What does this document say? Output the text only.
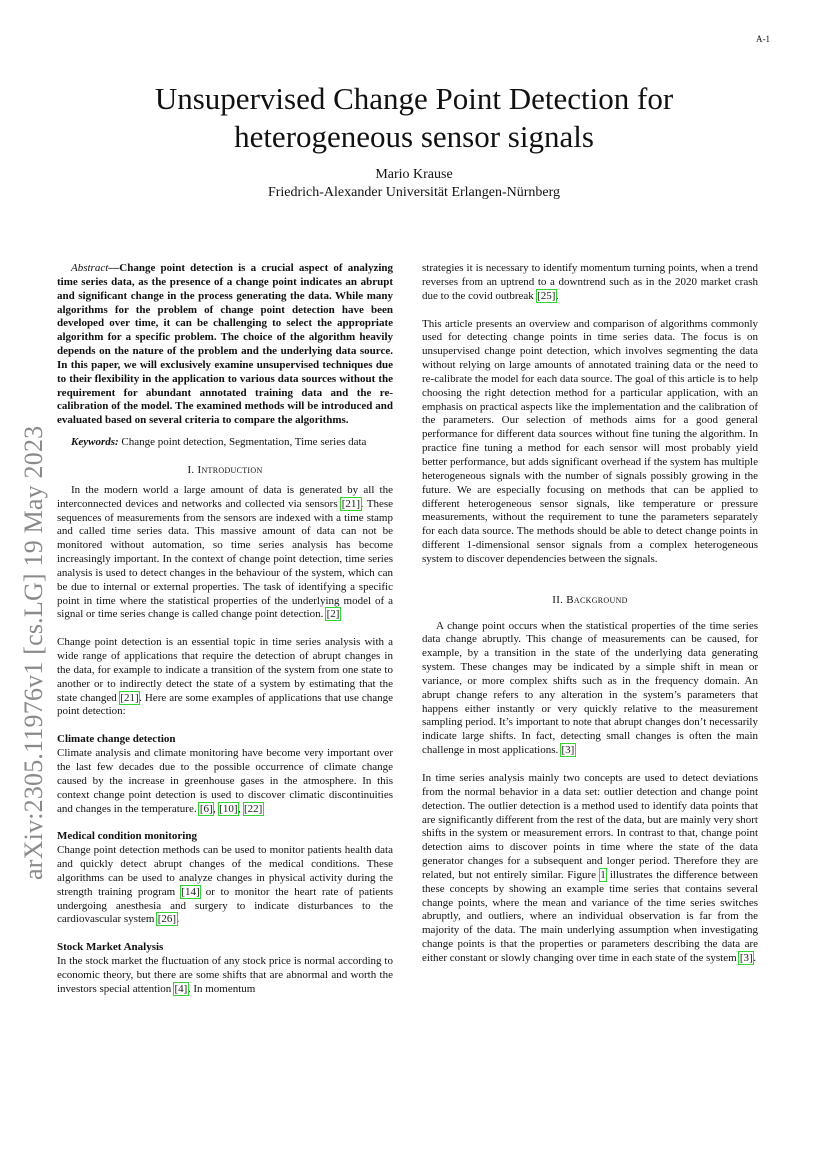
A-1
arXiv:2305.11976v1 [cs.LG] 19 May 2023
Unsupervised Change Point Detection for
heterogeneous sensor signals
Mario Krause
Friedrich-Alexander Universität Erlangen-Nürnberg

Abstract—Change point detection is a crucial aspect of analyzing time series data, as the presence of a change point indicates an abrupt and significant change in the process generating the data. While many algorithms for the problem of change point detection have been developed over time, it can be challenging to select the appropriate algorithm for a specific problem. The choice of the algorithm heavily depends on the nature of the problem and the underlying data source. In this paper, we will exclusively examine unsupervised techniques due to their flexibility in the application to various data sources without the requirement for abundant annotated training data and the re-calibration of the model. The examined methods will be introduced and evaluated based on several criteria to compare the algorithms.

Keywords: Change point detection, Segmentation, Time series data

I. Introduction

In the modern world a large amount of data is generated by all the interconnected devices and networks and collected via sensors [21]. These sequences of measurements from the sensors are indexed with a time stamp and called time series data. This massive amount of data can not be monitored without automation, so time series analysis has become increasingly important. In the context of change point detection, time series analysis is used to detect changes in the behaviour of the system, which can be due to internal or external properties. The task of identifying a specific point in time where the statistical properties of the underlying model of a signal or time series change is called change point detection. [2]

Change point detection is an essential topic in time series analysis with a wide range of applications that require the detection of abrupt changes in the data, for example to indicate a transition of the system from one state to another or to indirectly detect the state of a system by estimating that the state changed [21]. Here are some examples of applications that use change point detection:

Climate change detection

Climate analysis and climate monitoring have become very important over the last few decades due to the possible occurrence of climate change caused by the increase in greenhouse gases in the atmosphere. In this context change point detection is used to discover climatic discontinuities and changes in the temperature. [6], [10], [22]

Medical condition monitoring

Change point detection methods can be used to monitor patients health data and quickly detect abrupt changes of the medical conditions. These algorithms can be used to analyze changes in physical activity during the strength training program [14] or to monitor the heart rate of patients undergoing anesthesia and surgery to indicate disturbances to the cardiovascular system [26].

Stock Market Analysis

In the stock market the fluctuation of any stock price is normal according to economic theory, but there are some shifts that are abnormal and worth the investors special attention [4]. In momentum

strategies it is necessary to identify momentum turning points, when a trend reverses from an uptrend to a downtrend such as in the 2020 market crash due to the covid outbreak [25].

This article presents an overview and comparison of algorithms commonly used for detecting change points in time series data. The focus is on unsupervised change point detection, which involves segmenting the data without relying on large amounts of annotated training data or the need to re-calibrate the model for each data source. The goal of this article is to help choosing the right detection method for a particular application, with an emphasis on practical aspects like the implementation and the calibration of the parameters. Our selection of methods aims for a good general performance for different data sources without fine tuning the algorithm. In practice fine tuning a method for each sensor will most probably yield better performance, but adds significant overhead if the system has multiple heterogeneous signals with the number of signals possibly growing in the future. We are especially focusing on methods that can be applied to different heterogeneous sensor signals, like temperature or pressure measurements, without the requirement to tune the parameters separately for each data source. The methods should be able to detect change points in different 1-dimensional sensor signals from a complex heterogeneous system to discover dependencies between the signals.

II. Background

A change point occurs when the statistical properties of the time series data change abruptly. This change of measurements can be caused, for example, by a transition in the state of the underlying data generating system. These changes may be indicated by a simple shift in mean or variance, or more complex shifts such as in the frequency domain. An abrupt change refers to any alteration in the system’s parameters that happens either instantly or very quickly relative to the measurement sampling period. It’s important to note that abrupt changes don’t necessarily indicate large shifts. In fact, detecting small changes is often the main challenge in most applications. [3]

In time series analysis mainly two concepts are used to detect deviations from the normal behavior in a data set: outlier detection and change point detection. The outlier detection is a method used to identify data points that are significantly different from the rest of the data, but are mainly very short shifts in the system or measurement errors. In contrast to that, change point detection aims to discover points in time where the state of the data generator changes for a subsequent and longer period. Therefore they are related, but not entirely similar. Figure 1 illustrates the difference between these concepts by showing an example time series that contains several change points, where the mean and variance of the time series switches abruptly, and outliers, where an individual observation is far from the majority of the data. The main underlying assumption when investigating change points is that the properties or parameters describing the data are either constant or slowly changing over time in each state of the system [3].
